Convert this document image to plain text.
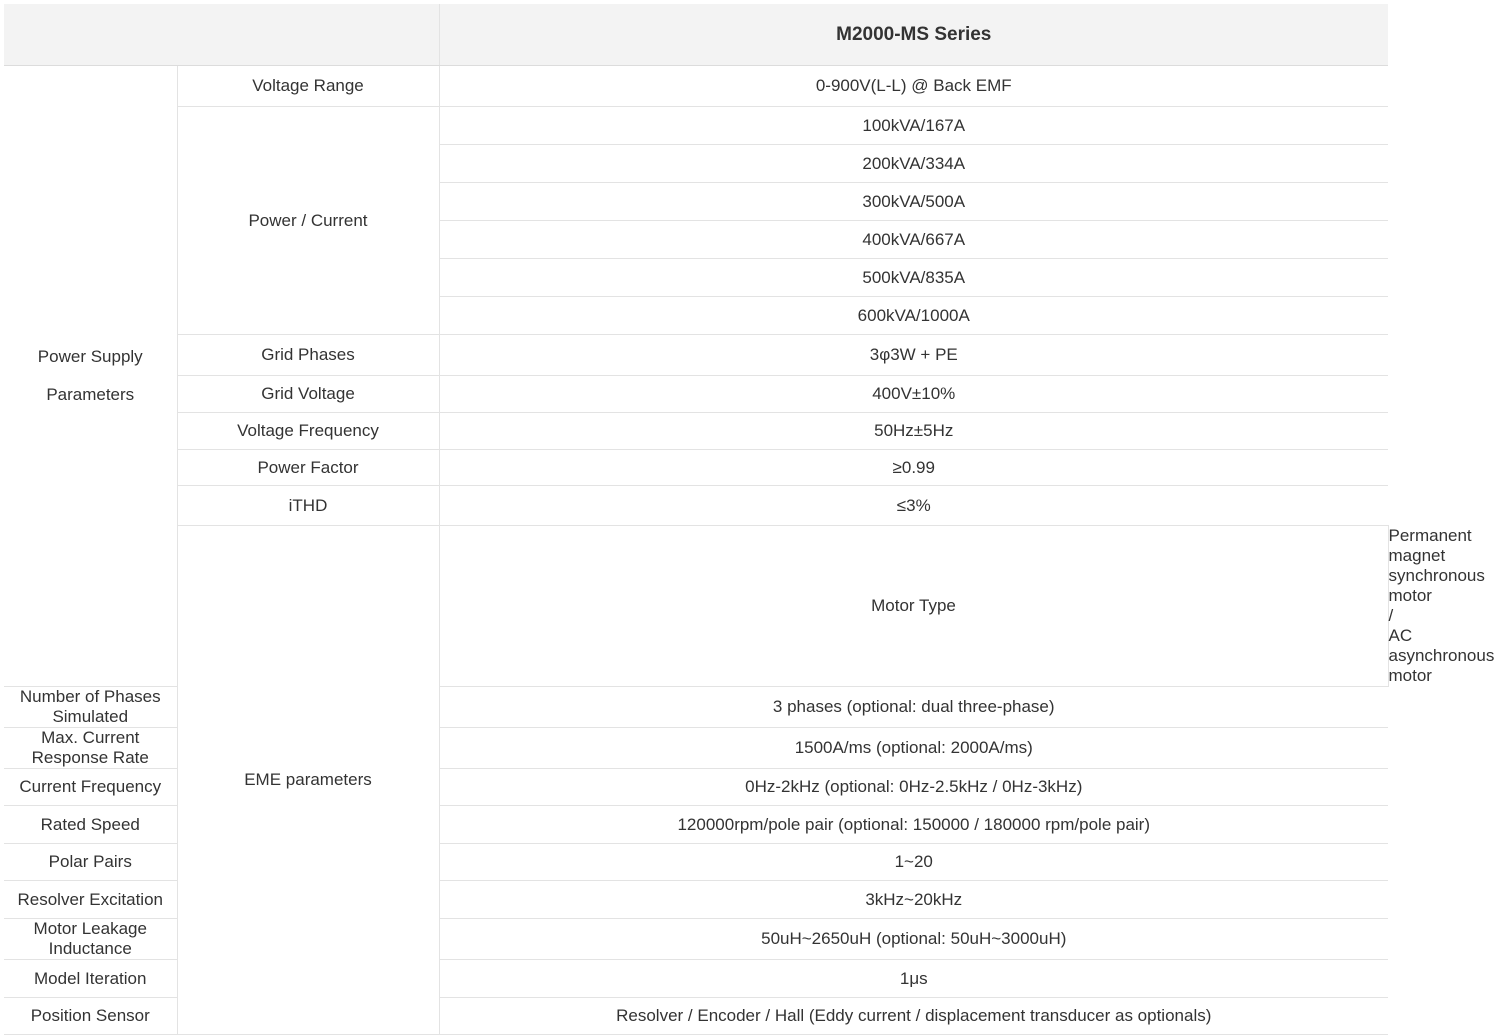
		M2000-MS Series	

Power Supply
Parameters	Voltage Range	0-900V(L-L) @ Back EMF	
	Power / Current	100kVA/167A	
		200kVA/334A	
		300kVA/500A	
		400kVA/667A	
		500kVA/835A	
		600kVA/1000A	
	Grid Phases	3φ3W + PE	
	Grid Voltage	400V±10%	
	Voltage Frequency	50Hz±5Hz	
	Power Factor	≥0.99	
	iTHD	≤3%	
	EME parameters	Motor Type	Permanent magnet synchronous motor / AC asynchronous motor
Number of Phases Simulated		3 phases (optional: dual three-phase)	
Max. Current Response Rate		1500A/ms (optional: 2000A/ms)	
Current Frequency		0Hz-2kHz (optional: 0Hz-2.5kHz / 0Hz-3kHz)	
Rated Speed		120000rpm/pole pair (optional: 150000 / 180000 rpm/pole pair)	
Polar Pairs		1~20	
Resolver Excitation		3kHz~20kHz	
Motor Leakage Inductance		50uH~2650uH (optional: 50uH~3000uH)	
Model Iteration		1μs	
Position Sensor		Resolver / Encoder / Hall (Eddy current / displacement transducer as optionals)	
